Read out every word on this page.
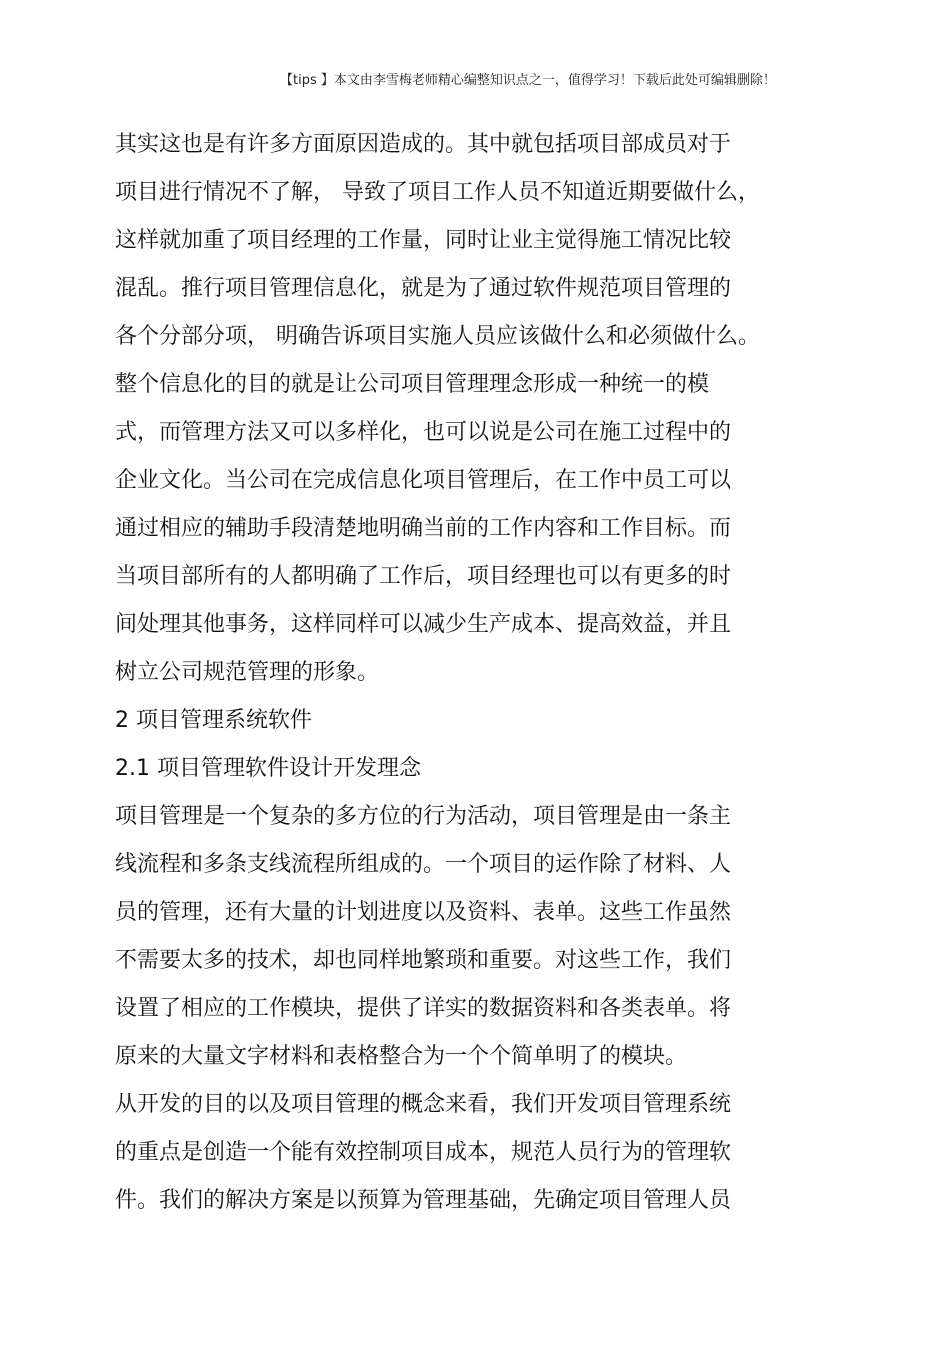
【tips 】本文由李雪梅老师精心编整知识点之一，值得学习！下载后此处可编辑删除！
其实这也是有许多方面原因造成的。其中就包括项目部成员对于
项目进行情况不了解， 导致了项目工作人员不知道近期要做什么，
这样就加重了项目经理的工作量，同时让业主觉得施工情况比较
混乱。推行项目管理信息化，就是为了通过软件规范项目管理的
各个分部分项， 明确告诉项目实施人员应该做什么和必须做什么。
整个信息化的目的就是让公司项目管理理念形成一种统一的模
式，而管理方法又可以多样化，也可以说是公司在施工过程中的
企业文化。当公司在完成信息化项目管理后，在工作中员工可以
通过相应的辅助手段清楚地明确当前的工作内容和工作目标。而
当项目部所有的人都明确了工作后，项目经理也可以有更多的时
间处理其他事务，这样同样可以减少生产成本、提高效益，并且
树立公司规范管理的形象。
2 项目管理系统软件
2.1 项目管理软件设计开发理念
项目管理是一个复杂的多方位的行为活动，项目管理是由一条主
线流程和多条支线流程所组成的。一个项目的运作除了材料、人
员的管理，还有大量的计划进度以及资料、表单。这些工作虽然
不需要太多的技术，却也同样地繁琐和重要。对这些工作，我们
设置了相应的工作模块，提供了详实的数据资料和各类表单。将
原来的大量文字材料和表格整合为一个个简单明了的模块。
从开发的目的以及项目管理的概念来看，我们开发项目管理系统
的重点是创造一个能有效控制项目成本，规范人员行为的管理软
件。我们的解决方案是以预算为管理基础，先确定项目管理人员
